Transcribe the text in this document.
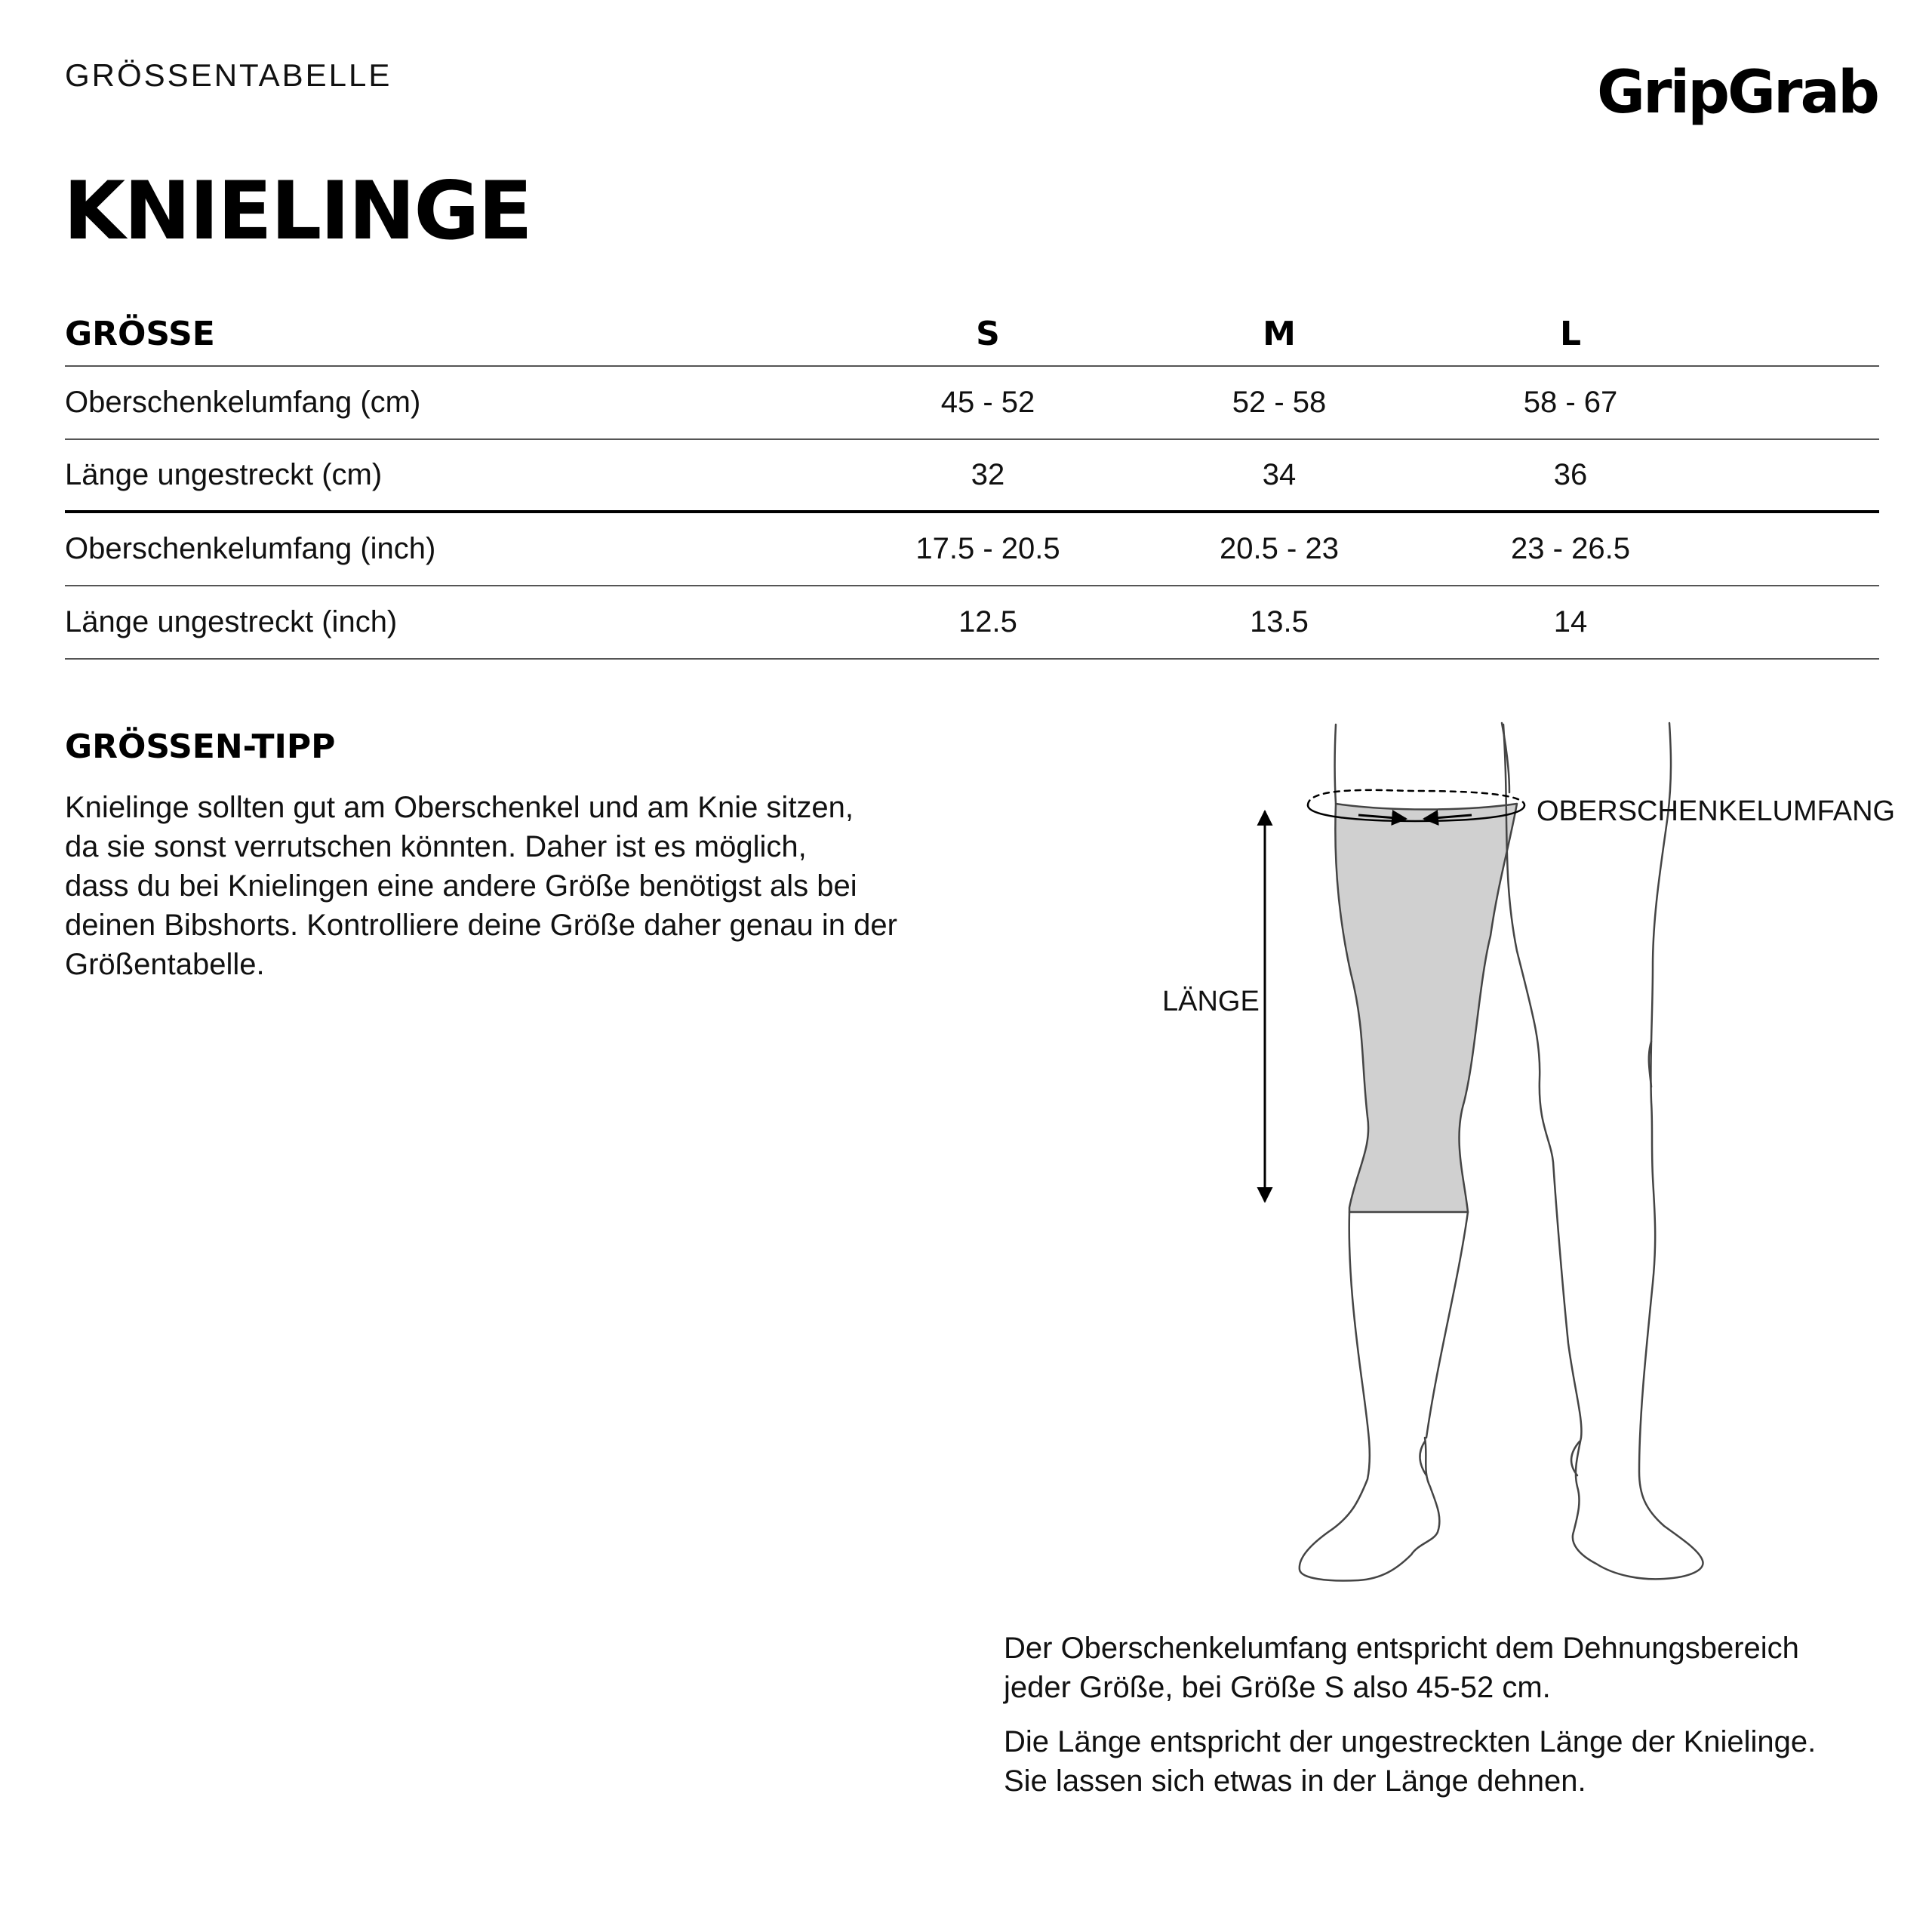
GRÖSSENTABELLE	GripGrab
KNIELINGE
GRÖSSE	S	M	L
Oberschenkelumfang (cm)	45 - 52	52 - 58	58 - 67
Länge ungestreckt (cm)	32	34	36
Oberschenkelumfang (inch)	17.5 - 20.5	20.5 - 23	23 - 26.5
Länge ungestreckt (inch)	12.5	13.5	14
GRÖSSEN-TIPP

Knielinge sollten gut am Oberschenkel und am Knie sitzen,
da sie sonst verrutschen könnten. Daher ist es möglich,
dass du bei Knielingen eine andere Größe benötigst als bei
deinen Bibshorts. Kontrolliere deine Größe daher genau in der
Größentabelle.

OBERSCHENKELUMFANG
LÄNGE

Der Oberschenkelumfang entspricht dem Dehnungsbereich
jeder Größe, bei Größe S also 45-52 cm.

Die Länge entspricht der ungestreckten Länge der Knielinge.
Sie lassen sich etwas in der Länge dehnen.
